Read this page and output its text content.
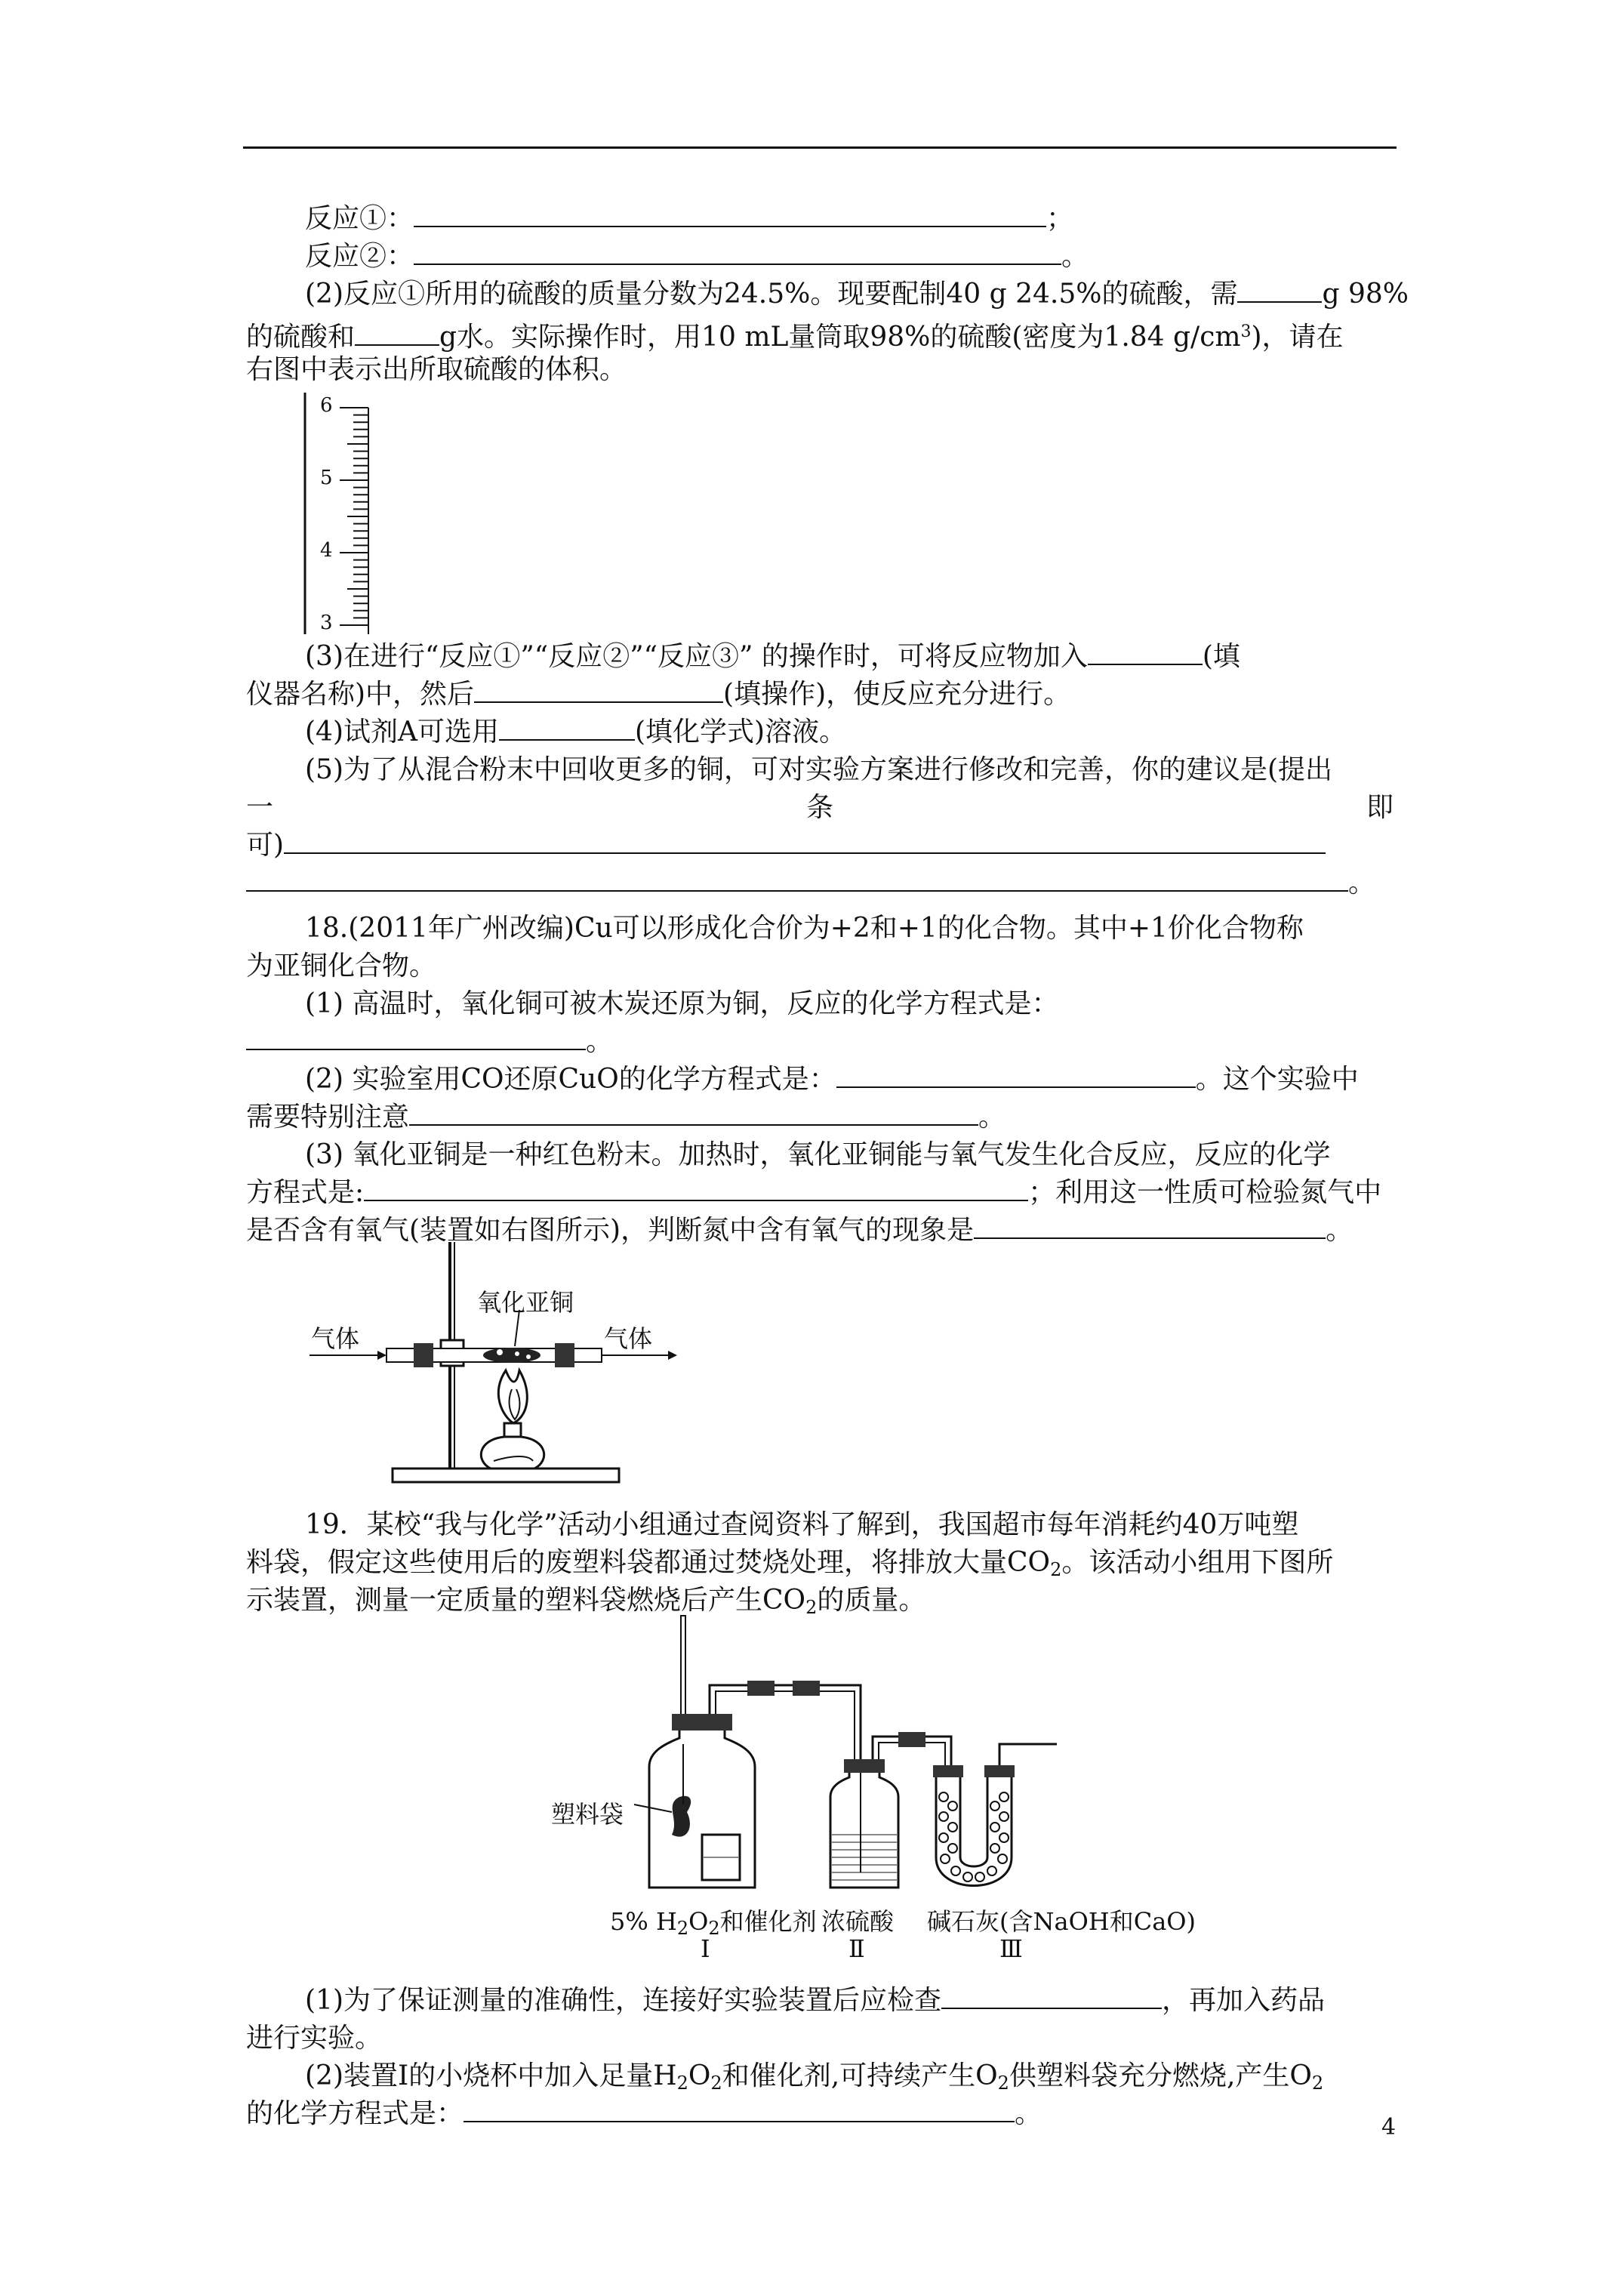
反应①：	；
反应②：	。
(2)反应①所用的硫酸的质量分数为24.5%。现要配制40 g 24.5%的硫酸，需	g 98%
的硫酸和	g水。实际操作时，用10 mL量筒取98%的硫酸(密度为1.84 $g/cm^3$)，请在
右图中表示出所取硫酸的体积。
6
5
4
3
(3)在进行“反应①”“反应②”“反应③” 的操作时，可将反应物加入	(填
仪器名称)中，然后	(填操作)，使反应充分进行。
(4)试剂A可选用	(填化学式)溶液。
(5)为了从混合粉末中回收更多的铜，可对实验方案进行修改和完善，你的建议是(提出
一	条	即
可)
。
18.(2011年广州改编)Cu可以形成化合价为+2和+1的化合物。其中+1价化合物称
为亚铜化合物。
(1) 高温时，氧化铜可被木炭还原为铜，反应的化学方程式是：
。
(2) 实验室用CO还原CuO的化学方程式是：	。这个实验中
需要特别注意	。
(3) 氧化亚铜是一种红色粉末。加热时，氧化亚铜能与氧气发生化合反应，反应的化学
方程式是:	；利用这一性质可检验氮气中
是否含有氧气(装置如右图所示)，判断氮中含有氧气的现象是	。
氧化亚铜
气体	气体
19．某校“我与化学”活动小组通过查阅资料了解到，我国超市每年消耗约40万吨塑
料袋，假定这些使用后的废塑料袋都通过焚烧处理，将排放大量$CO_2$。该活动小组用下图所
示装置，测量一定质量的塑料袋燃烧后产生$CO_2$的质量。
塑料袋
5% $H_2O_2$和催化剂 浓硫酸 碱石灰(含NaOH和CaO)
Ⅰ	Ⅱ	Ⅲ
(1)为了保证测量的准确性，连接好实验装置后应检查	，再加入药品
进行实验。
(2)装置Ⅰ的小烧杯中加入足量$H_2O_2$和催化剂,可持续产生$O_2$供塑料袋充分燃烧,产生$O_2$
的化学方程式是：	。	4
